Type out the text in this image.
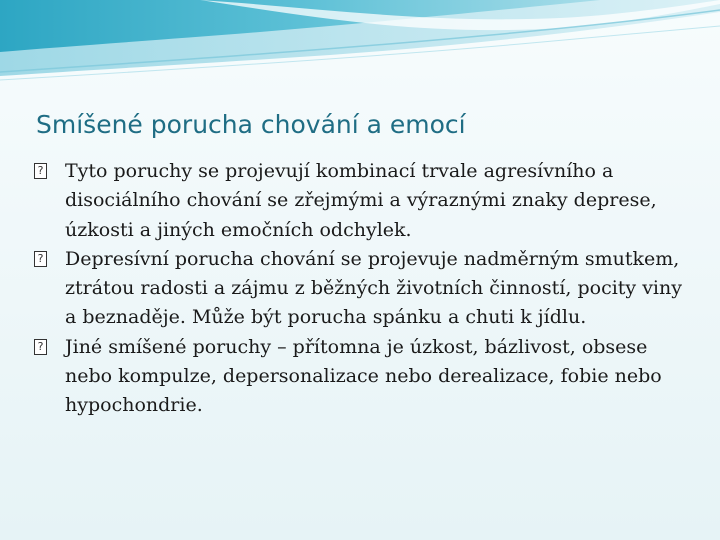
Smíšené porucha chování a emocí
? Tyto poruchy se projevují kombinací trvale agresívního a disociálního chování se zřejmými a výraznými znaky deprese, úzkosti a jiných emočních odchylek.
? Depresívní porucha chování se projevuje nadměrným smutkem, ztrátou radosti a zájmu z běžných životních činností, pocity viny a beznaděje. Může být porucha spánku a chuti k jídlu.
? Jiné smíšené poruchy – přítomna je úzkost, bázlivost, obsese nebo kompulze, depersonalizace nebo derealizace, fobie nebo hypochondrie.
